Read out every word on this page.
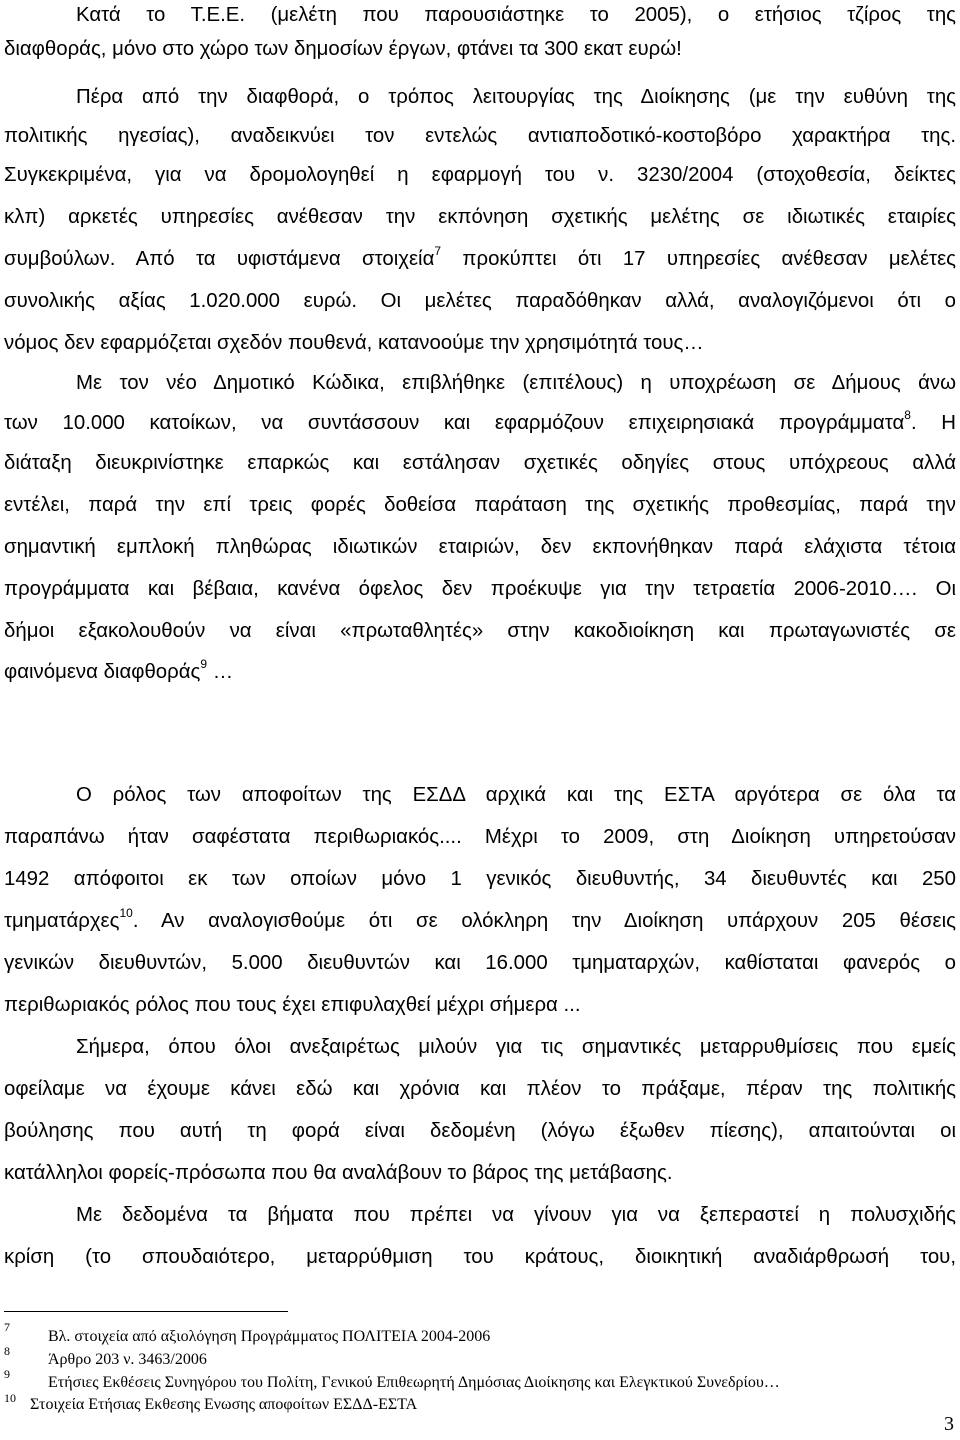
Κατά το Τ.Ε.Ε. (μελέτη που παρουσιάστηκε το 2005), ο ετήσιος τζίρος της
διαφθοράς, μόνο στο χώρο των δημοσίων έργων, φτάνει τα 300 εκατ ευρώ!
Πέρα από την διαφθορά, ο τρόπος λειτουργίας της Διοίκησης (με την ευθύνη της
πολιτικής ηγεσίας), αναδεικνύει τον εντελώς αντιαποδοτικό-κοστοβόρο χαρακτήρα της.
Συγκεκριμένα, για να δρομολογηθεί η εφαρμογή του ν. 3230/2004 (στοχοθεσία, δείκτες
κλπ) αρκετές υπηρεσίες ανέθεσαν την εκπόνηση σχετικής μελέτης σε ιδιωτικές εταιρίες
συμβούλων. Από τα υφιστάμενα στοιχεία$^7$ προκύπτει ότι 17 υπηρεσίες ανέθεσαν μελέτες
συνολικής αξίας 1.020.000 ευρώ. Οι μελέτες παραδόθηκαν αλλά, αναλογιζόμενοι ότι ο
νόμος δεν εφαρμόζεται σχεδόν πουθενά, κατανοούμε την χρησιμότητά τους…
Με τον νέο Δημοτικό Κώδικα, επιβλήθηκε (επιτέλους) η υποχρέωση σε Δήμους άνω
των 10.000 κατοίκων, να συντάσσουν και εφαρμόζουν επιχειρησιακά προγράμματα$^8$. Η
διάταξη διευκρινίστηκε επαρκώς και εστάλησαν σχετικές οδηγίες στους υπόχρεους αλλά
εντέλει, παρά την επί τρεις φορές δοθείσα παράταση της σχετικής προθεσμίας, παρά την
σημαντική εμπλοκή πληθώρας ιδιωτικών εταιριών, δεν εκπονήθηκαν παρά ελάχιστα τέτοια
προγράμματα και βέβαια, κανένα όφελος δεν προέκυψε για την τετραετία 2006-2010…. Οι
δήμοι εξακολουθούν να είναι «πρωταθλητές» στην κακοδιοίκηση και πρωταγωνιστές σε
φαινόμενα διαφθοράς$^9$ …
Ο ρόλος των αποφοίτων της ΕΣΔΔ αρχικά και της ΕΣΤΑ αργότερα σε όλα τα
παραπάνω ήταν σαφέστατα περιθωριακός.... Μέχρι το 2009, στη Διοίκηση υπηρετούσαν
1492 απόφοιτοι εκ των οποίων μόνο 1 γενικός διευθυντής, 34 διευθυντές και 250
τμηματάρχες$^{10}$. Αν αναλογισθούμε ότι σε ολόκληρη την Διοίκηση υπάρχουν 205 θέσεις
γενικών διευθυντών, 5.000 διευθυντών και 16.000 τμηματαρχών, καθίσταται φανερός ο
περιθωριακός ρόλος που τους έχει επιφυλαχθεί μέχρι σήμερα ...
Σήμερα, όπου όλοι ανεξαιρέτως μιλούν για τις σημαντικές μεταρρυθμίσεις που εμείς
οφείλαμε να έχουμε κάνει εδώ και χρόνια και πλέον το πράξαμε, πέραν της πολιτικής
βούλησης που αυτή τη φορά είναι δεδομένη (λόγω έξωθεν πίεσης), απαιτούνται οι
κατάλληλοι φορείς-πρόσωπα που θα αναλάβουν το βάρος της μετάβασης.
Με δεδομένα τα βήματα που πρέπει να γίνουν για να ξεπεραστεί η πολυσχιδής
κρίση (το σπουδαιότερο, μεταρρύθμιση του κράτους, διοικητική αναδιάρθρωσή του,
7
Βλ. στοιχεία από αξιολόγηση Προγράμματος ΠΟΛΙΤΕΙΑ 2004-2006
8 Άρθρο 203 ν. 3463/2006
9 Ετήσιες Εκθέσεις Συνηγόρου του Πολίτη, Γενικού Επιθεωρητή Δημόσιας Διοίκησης και Ελεγκτικού Συνεδρίου…
10 Στοιχεία Ετήσιας Εκθεσης Ενωσης αποφοίτων ΕΣΔΔ-ΕΣΤΑ
3
